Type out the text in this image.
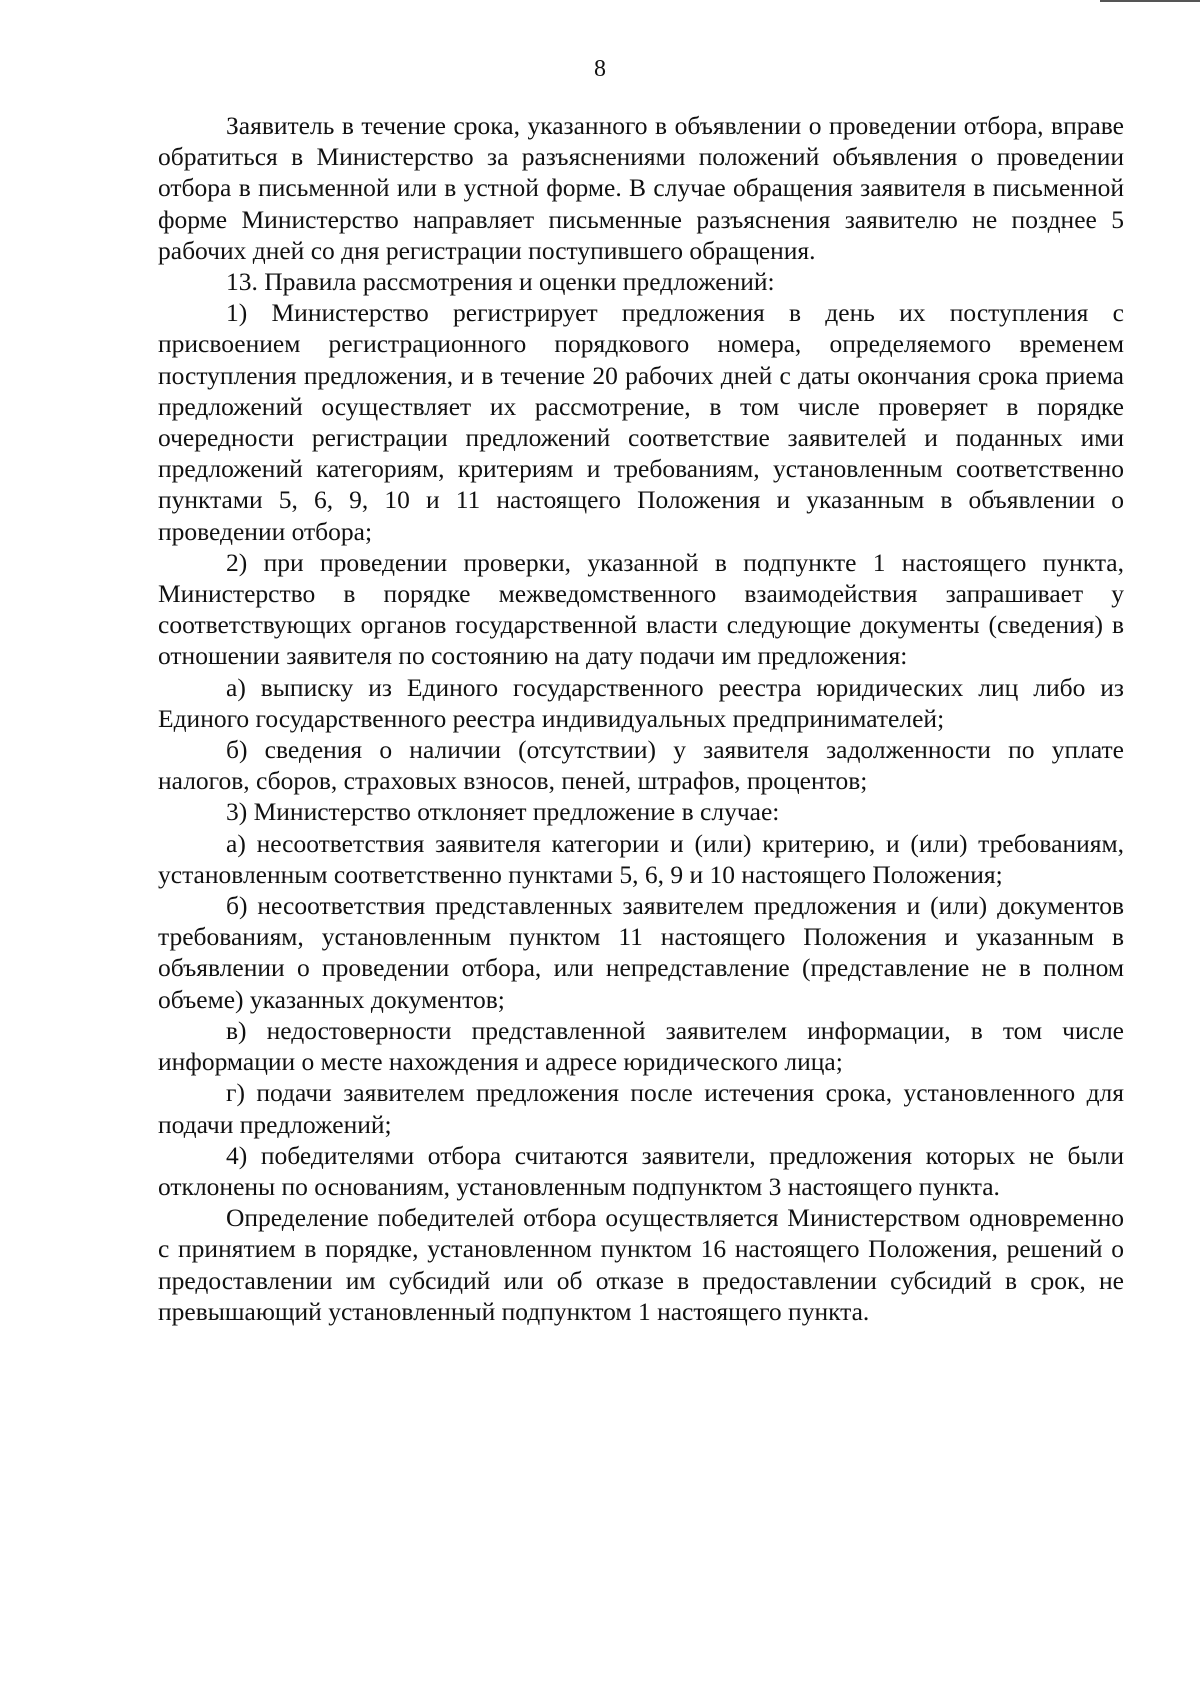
8

Заявитель в течение срока, указанного в объявлении о проведении отбора, вправе обратиться в Министерство за разъяснениями положений объявления о проведении отбора в письменной или в устной форме. В случае обращения заявителя в письменной форме Министерство направляет письменные разъяснения заявителю не позднее 5 рабочих дней со дня регистрации поступившего обращения.

13. Правила рассмотрения и оценки предложений:

1) Министерство регистрирует предложения в день их поступления с присвоением регистрационного порядкового номера, определяемого временем поступления предложения, и в течение 20 рабочих дней с даты окончания срока приема предложений осуществляет их рассмотрение, в том числе проверяет в порядке очередности регистрации предложений соответствие заявителей и поданных ими предложений категориям, критериям и требованиям, установленным соответственно пунктами 5, 6, 9, 10 и 11 настоящего Положения и указанным в объявлении о проведении отбора;

2) при проведении проверки, указанной в подпункте 1 настоящего пункта, Министерство в порядке межведомственного взаимодействия запрашивает у соответствующих органов государственной власти следующие документы (сведения) в отношении заявителя по состоянию на дату подачи им предложения:

а) выписку из Единого государственного реестра юридических лиц либо из Единого государственного реестра индивидуальных предпринимателей;

б) сведения о наличии (отсутствии) у заявителя задолженности по уплате налогов, сборов, страховых взносов, пеней, штрафов, процентов;

3) Министерство отклоняет предложение в случае:

а) несоответствия заявителя категории и (или) критерию, и (или) требованиям, установленным соответственно пунктами 5, 6, 9 и 10 настоящего Положения;

б) несоответствия представленных заявителем предложения и (или) документов требованиям, установленным пунктом 11 настоящего Положения и указанным в объявлении о проведении отбора, или непредставление (представление не в полном объеме) указанных документов;

в) недостоверности представленной заявителем информации, в том числе информации о месте нахождения и адресе юридического лица;

г) подачи заявителем предложения после истечения срока, установленного для подачи предложений;

4) победителями отбора считаются заявители, предложения которых не были отклонены по основаниям, установленным подпунктом 3 настоящего пункта.

Определение победителей отбора осуществляется Министерством одновременно с принятием в порядке, установленном пунктом 16 настоящего Положения, решений о предоставлении им субсидий или об отказе в предоставлении субсидий в срок, не превышающий установленный подпунктом 1 настоящего пункта.
